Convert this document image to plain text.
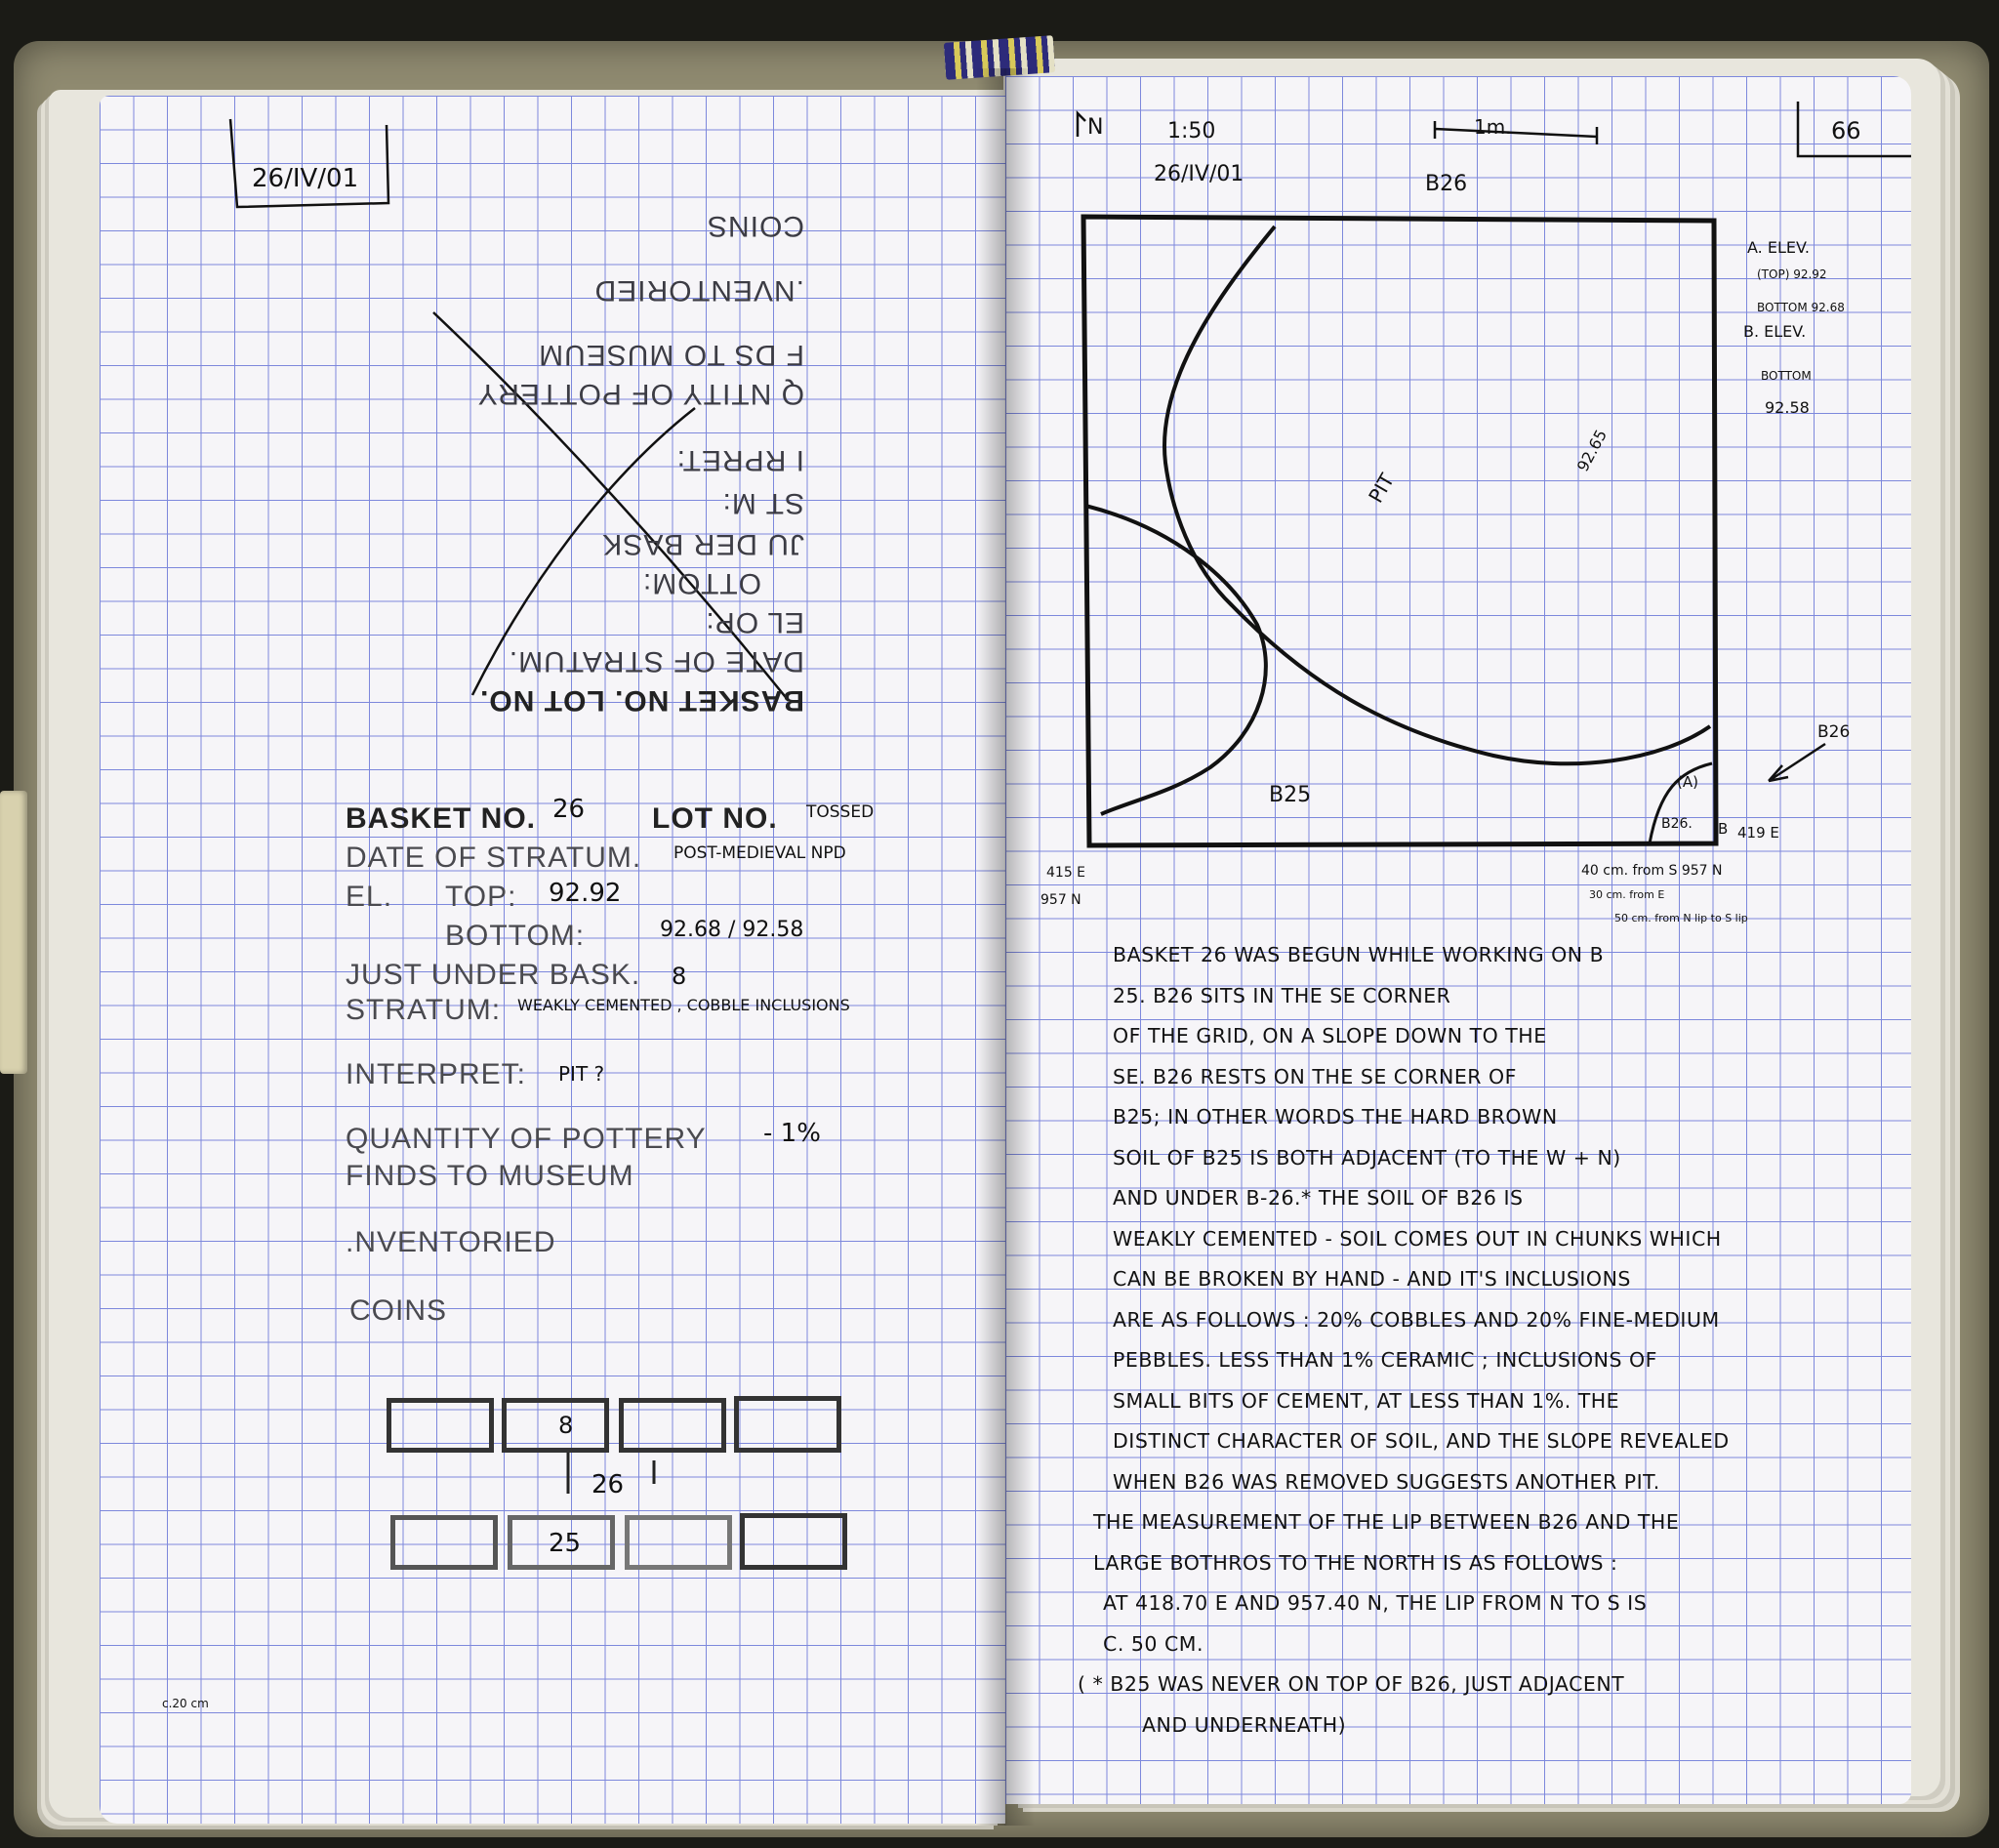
26/IV/01
BASKET NO. LOT NO.
DATE OF STRATUM.
EL OP:
OTTOM:
JU DER BASK
ST M:
I RPRET:
Q NTITY OF POTTERY
F DS TO MUSEUM
.NVENTORIED
COINS
BASKET NO. 26 LOT NO. TOSSED
DATE OF STRATUM. POST-MEDIEVAL NPD
EL. TOP: 92.92
BOTTOM:	92.68 / 92.58
JUST UNDER BASK. 8
STRATUM: WEAKLY CEMENTED , COBBLE INCLUSIONS
INTERPRET: PIT ?
QUANTITY OF POTTERY - 1%
FINDS TO MUSEUM
.NVENTORIED
COINS
8
26
25
c.20 cm
N	1:50
26/IV/01
1m.
B26
66
A. ELEV.
(TOP) 92.92
BOTTOM 92.68
B. ELEV.
BOTTOM
92.58
PIT
92.65
B25
B26.
(A)
B 419 E
B26
415 E
957 N
40 cm. from S 957 N
30 cm. from E
50 cm. from N lip to S lip
BASKET 26 WAS BEGUN WHILE WORKING ON B
25. B26 SITS IN THE SE CORNER
OF THE GRID, ON A SLOPE DOWN TO THE
SE. B26 RESTS ON THE SE CORNER OF
B25; IN OTHER WORDS THE HARD BROWN
SOIL OF B25 IS BOTH ADJACENT (TO THE W + N)
AND UNDER B-26.* THE SOIL OF B26 IS
WEAKLY CEMENTED - SOIL COMES OUT IN CHUNKS WHICH
CAN BE BROKEN BY HAND - AND IT'S INCLUSIONS
ARE AS FOLLOWS : 20% COBBLES AND 20% FINE-MEDIUM
PEBBLES. LESS THAN 1% CERAMIC ; INCLUSIONS OF
SMALL BITS OF CEMENT, AT LESS THAN 1%. THE
DISTINCT CHARACTER OF SOIL, AND THE SLOPE REVEALED
WHEN B26 WAS REMOVED SUGGESTS ANOTHER PIT.
THE MEASUREMENT OF THE LIP BETWEEN B26 AND THE
LARGE BOTHROS TO THE NORTH IS AS FOLLOWS :
AT 418.70 E AND 957.40 N, THE LIP FROM N TO S IS
C. 50 CM.
( * B25 WAS NEVER ON TOP OF B26, JUST ADJACENT
AND UNDERNEATH)
